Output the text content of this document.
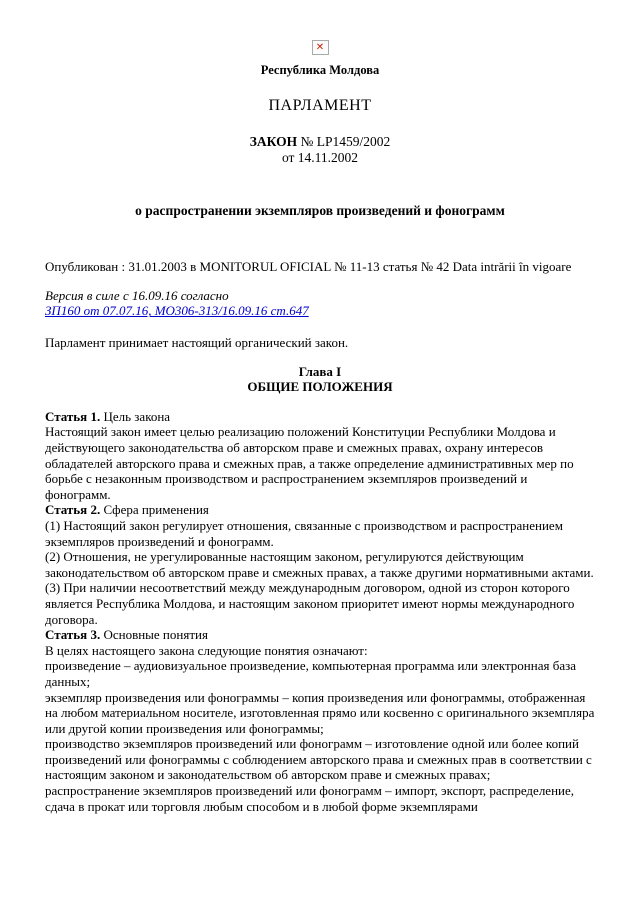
✕
Республика Молдова
ПАРЛАМЕНТ
ЗАКОН № LP1459/2002
от 14.11.2002
о распространении экземпляров произведений и фонограмм
Опубликован : 31.01.2003 в MONITORUL OFICIAL № 11-13 статья № 42 Data intrării în vigoare
Версия в силе с 16.09.16 согласно
ЗП160 от 07.07.16, МО306-313/16.09.16 ст.647
Парламент принимает настоящий органический закон.
Глава I
ОБЩИЕ ПОЛОЖЕНИЯ

Статья 1. Цель закона

Настоящий закон имеет целью реализацию положений Конституции Республики Молдова и действующего законодательства об авторском праве и смежных правах, охрану интересов обладателей авторского права и смежных прав, а также определение административных мер по борьбе с незаконным производством и распространением экземпляров произведений и фонограмм.

Статья 2. Сфера применения

(1) Настоящий закон регулирует отношения, связанные с производством и распространением экземпляров произведений и фонограмм.

(2) Отношения, не урегулированные настоящим законом, регулируются действующим законодательством об авторском праве и смежных правах, а также другими нормативными актами.

(3) При наличии несоответствий между международным договором, одной из сторон которого является Республика Молдова, и настоящим законом приоритет имеют нормы международного договора.

Статья 3. Основные понятия

В целях настоящего закона следующие понятия означают:

произведение – аудиовизуальное произведение, компьютерная программа или электронная база данных;

экземпляр произведения или фонограммы – копия произведения или фонограммы, отображенная на любом материальном носителе, изготовленная прямо или косвенно с оригинального экземпляра или другой копии произведения или фонограммы;

производство экземпляров произведений или фонограмм – изготовление одной или более копий произведений или фонограммы с соблюдением авторского права и смежных прав в соответствии с настоящим законом и законодательством об авторском праве и смежных правах;

распространение экземпляров произведений или фонограмм – импорт, экспорт, распределение, сдача в прокат или торговля любым способом и в любой форме экземплярами
